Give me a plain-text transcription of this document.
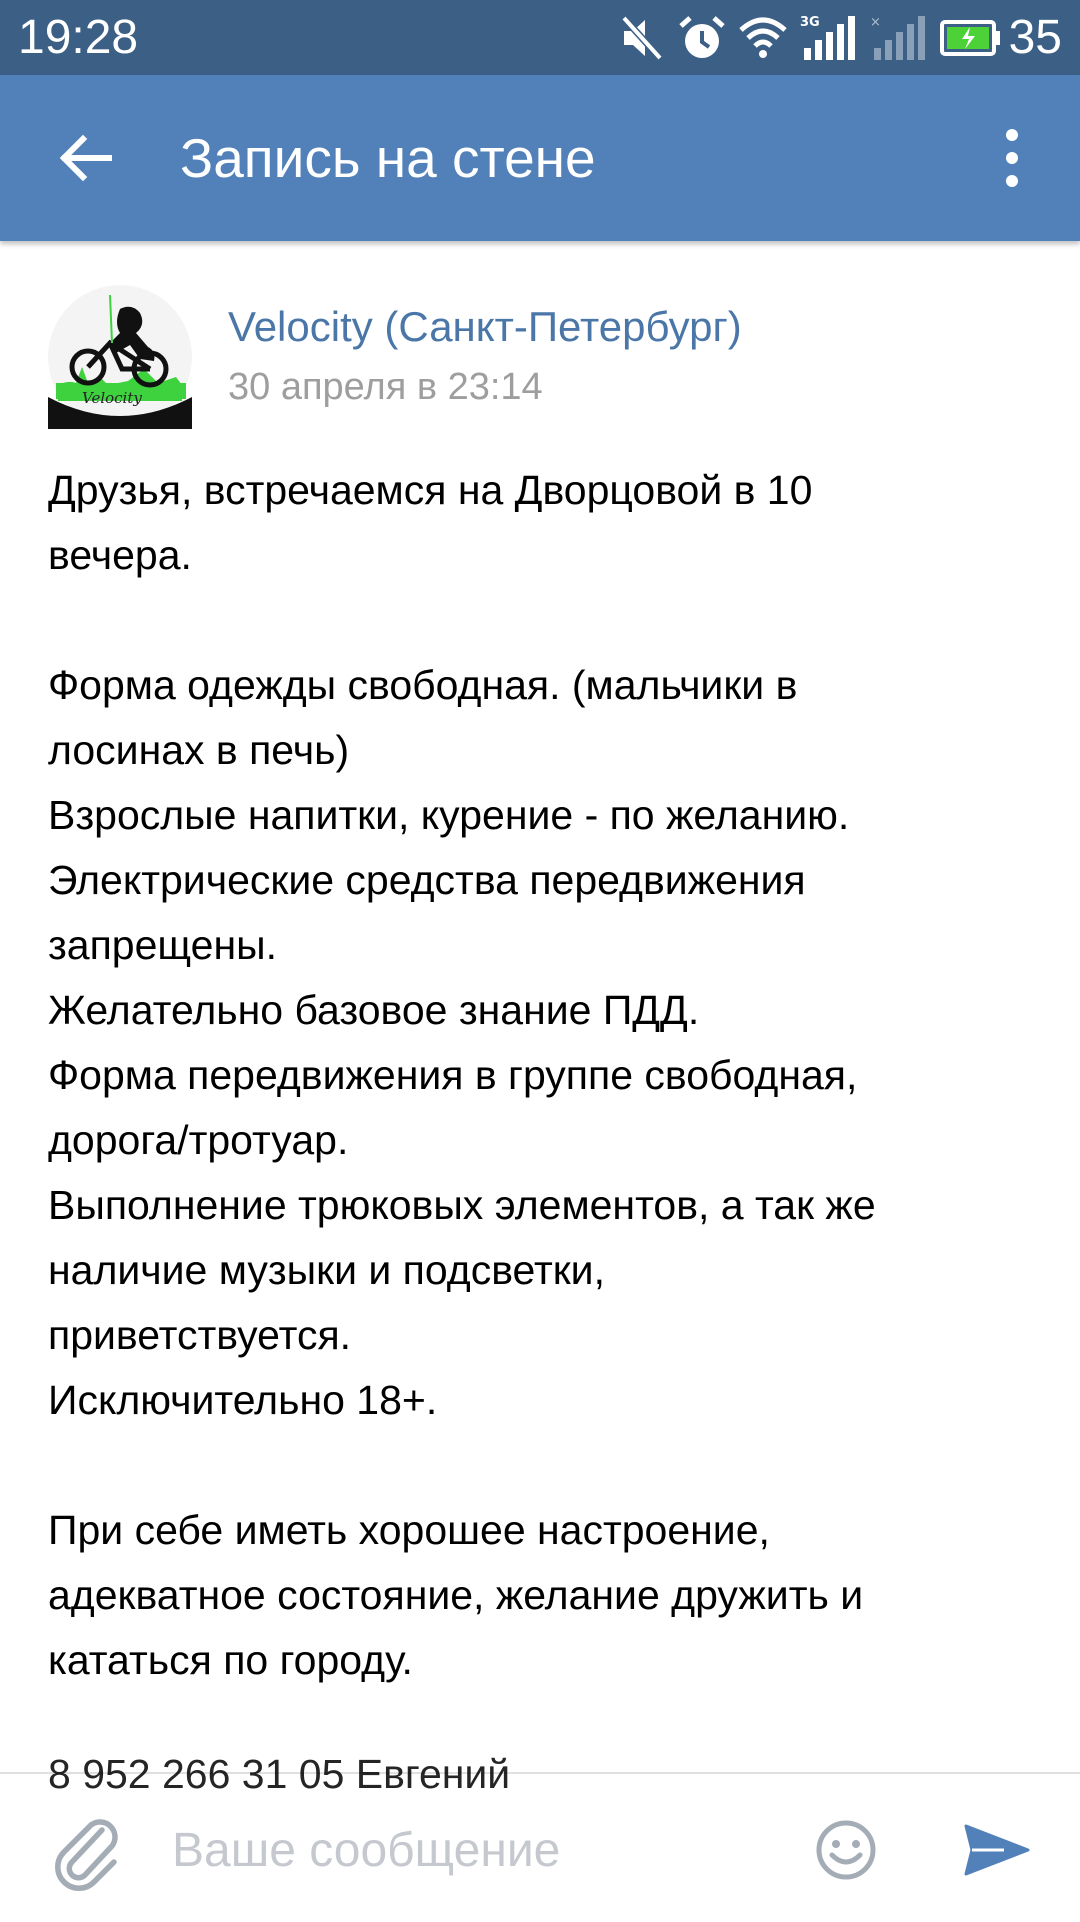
19:28	3G	×	35
Запись на стене
Velocity
Velocity (Санкт-Петербург)
30 апреля в 23:14
Друзья, встречаемся на Дворцовой в 10
вечера.
Форма одежды свободная. (мальчики в
лосинах в печь)
Взрослые напитки, курение - по желанию.
Электрические средства передвижения
запрещены.
Желательно базовое знание ПДД.
Форма передвижения в группе свободная,
дорога/тротуар.
Выполнение трюковых элементов, а так же
наличие музыки и подсветки,
приветствуется.
Исключительно 18+.
При себе иметь хорошее настроение,
адекватное состояние, желание дружить и
кататься по городу.
8 952 266 31 05 Евгений
Ваше сообщение
